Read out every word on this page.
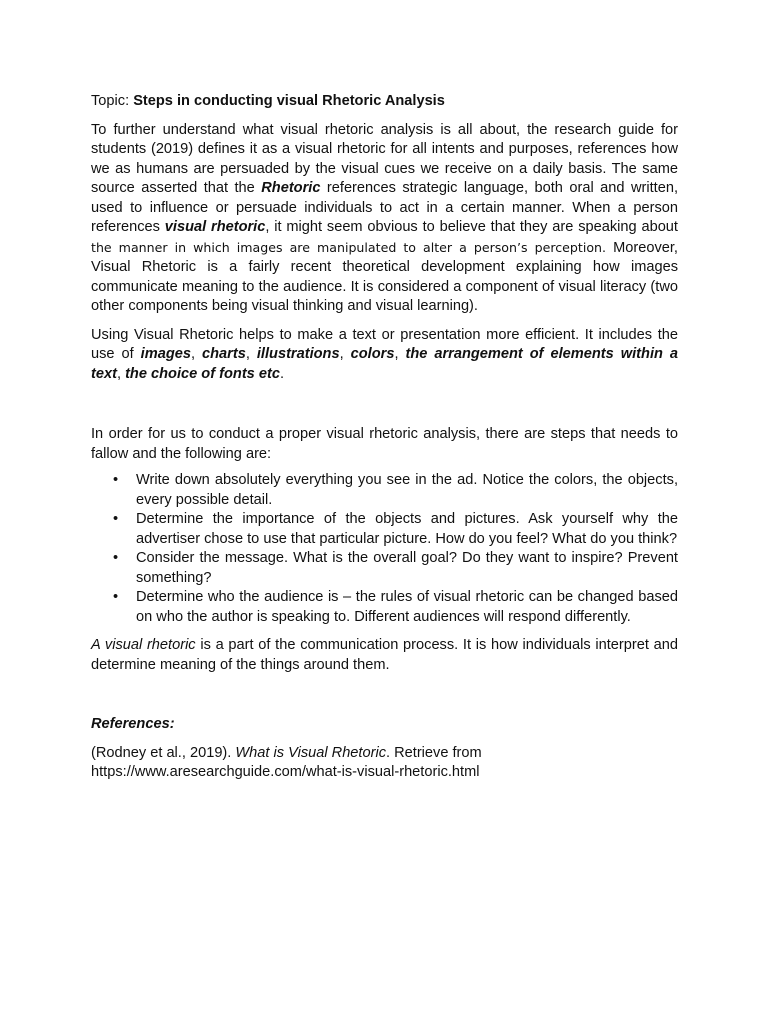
Topic: Steps in conducting visual Rhetoric Analysis

To further understand what visual rhetoric analysis is all about, the research guide for students (2019) defines it as a visual rhetoric for all intents and purposes, references how we as humans are persuaded by the visual cues we receive on a daily basis. The same source asserted that the Rhetoric references strategic language, both oral and written, used to influence or persuade individuals to act in a certain manner. When a person references visual rhetoric, it might seem obvious to believe that they are speaking about the manner in which images are manipulated to alter a person’s perception. Moreover, Visual Rhetoric is a fairly recent theoretical development explaining how images communicate meaning to the audience. It is considered a component of visual literacy (two other components being visual thinking and visual learning).

Using Visual Rhetoric helps to make a text or presentation more efficient. It includes the use of images, charts, illustrations, colors, the arrangement of elements within a text, the choice of fonts etc.

In order for us to conduct a proper visual rhetoric analysis, there are steps that needs to fallow and the following are:

• Write down absolutely everything you see in the ad. Notice the colors, the objects, every possible detail.
• Determine the importance of the objects and pictures. Ask yourself why the advertiser chose to use that particular picture. How do you feel? What do you think?
• Consider the message. What is the overall goal? Do they want to inspire? Prevent something?
• Determine who the audience is – the rules of visual rhetoric can be changed based on who the author is speaking to. Different audiences will respond differently.

A visual rhetoric is a part of the communication process. It is how individuals interpret and determine meaning of the things around them.

References:

(Rodney et al., 2019). What is Visual Rhetoric. Retrieve from
https://www.aresearchguide.com/what-is-visual-rhetoric.html
